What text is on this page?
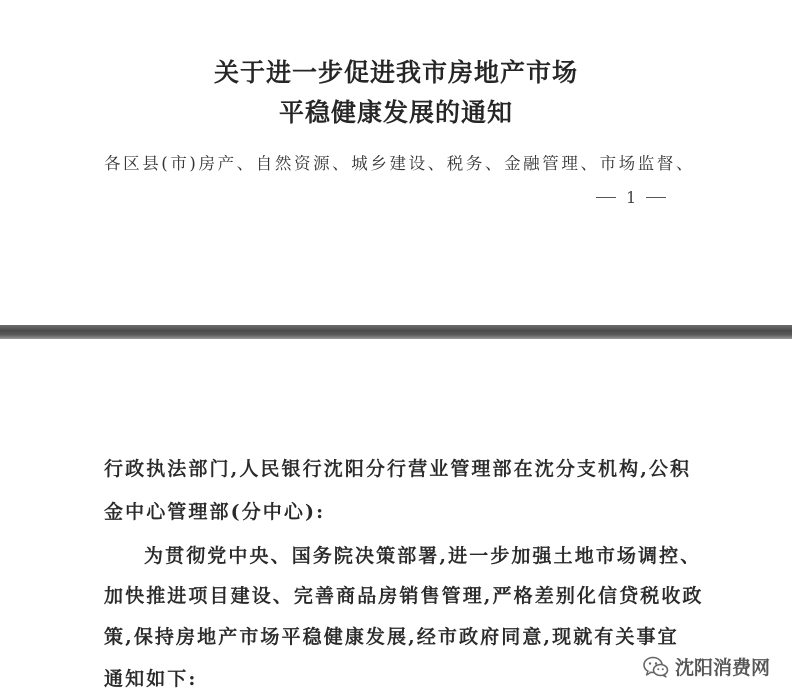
关于进一步促进我市房地产市场
平稳健康发展的通知
各区县(市)房产、自然资源、城乡建设、税务、金融管理、市场监督、
1
行政执法部门,人民银行沈阳分行营业管理部在沈分支机构,公积
金中心管理部(分中心):
为贯彻党中央、国务院决策部署,进一步加强土地市场调控、
加快推进项目建设、完善商品房销售管理,严格差别化信贷税收政
策,保持房地产市场平稳健康发展,经市政府同意,现就有关事宜
通知如下:	沈阳消费网
